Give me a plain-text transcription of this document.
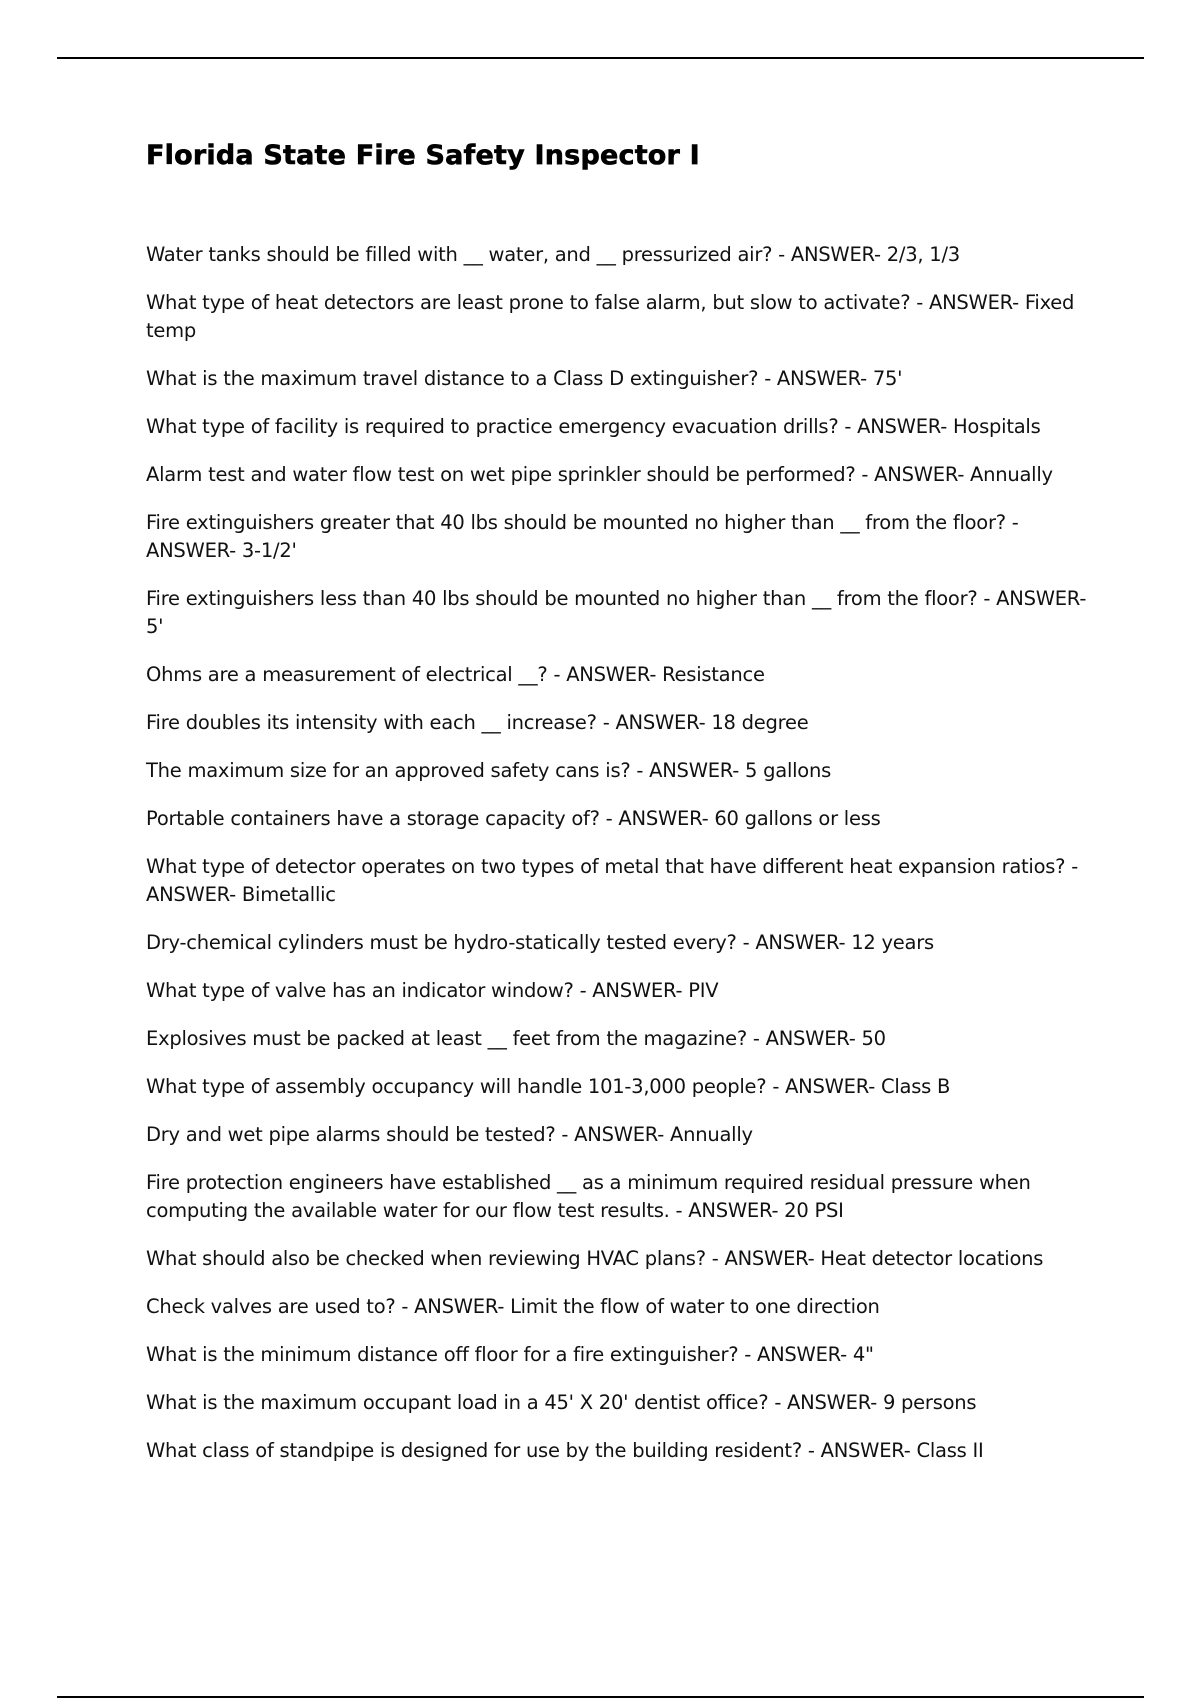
Florida State Fire Safety Inspector I
Water tanks should be filled with __ water, and __ pressurized air? - ANSWER- 2/3, 1/3
What type of heat detectors are least prone to false alarm, but slow to activate? - ANSWER- Fixed temp
What is the maximum travel distance to a Class D extinguisher? - ANSWER- 75'
What type of facility is required to practice emergency evacuation drills? - ANSWER- Hospitals
Alarm test and water flow test on wet pipe sprinkler should be performed? - ANSWER- Annually
Fire extinguishers greater that 40 lbs should be mounted no higher than __ from the floor? - ANSWER- 3-1/2'
Fire extinguishers less than 40 lbs should be mounted no higher than __ from the floor? - ANSWER- 5'
Ohms are a measurement of electrical __? - ANSWER- Resistance
Fire doubles its intensity with each __ increase? - ANSWER- 18 degree
The maximum size for an approved safety cans is? - ANSWER- 5 gallons
Portable containers have a storage capacity of? - ANSWER- 60 gallons or less
What type of detector operates on two types of metal that have different heat expansion ratios? - ANSWER- Bimetallic
Dry-chemical cylinders must be hydro-statically tested every? - ANSWER- 12 years
What type of valve has an indicator window? - ANSWER- PIV
Explosives must be packed at least __ feet from the magazine? - ANSWER- 50
What type of assembly occupancy will handle 101-3,000 people? - ANSWER- Class B
Dry and wet pipe alarms should be tested? - ANSWER- Annually
Fire protection engineers have established __ as a minimum required residual pressure when computing the available water for our flow test results. - ANSWER- 20 PSI
What should also be checked when reviewing HVAC plans? - ANSWER- Heat detector locations
Check valves are used to? - ANSWER- Limit the flow of water to one direction
What is the minimum distance off floor for a fire extinguisher? - ANSWER- 4"
What is the maximum occupant load in a 45' X 20' dentist office? - ANSWER- 9 persons
What class of standpipe is designed for use by the building resident? - ANSWER- Class II
